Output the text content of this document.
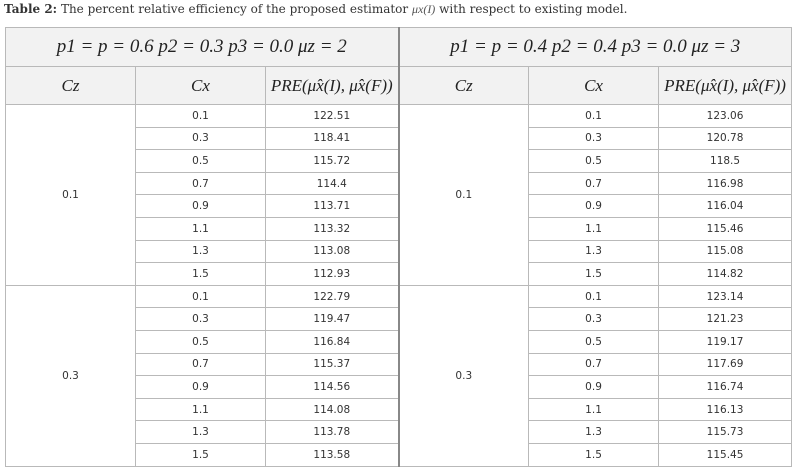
Table 2: The percent relative efficiency of the proposed estimator μx(I) with respect to existing model.
p1 = p = 0.6 p2 = 0.3 p3 = 0.0 μz = 2			p1 = p = 0.4 p2 = 0.4 p3 = 0.0 μz = 3		
Cz	Cx	PRE(μ̂x(I), μ̂x(F))	Cz	Cx	PRE(μ̂x(I), μ̂x(F))
0.1	0.1	122.51	0.1	0.1	123.06
	0.3	118.41		0.3	120.78
	0.5	115.72		0.5	118.5
	0.7	114.4		0.7	116.98
	0.9	113.71		0.9	116.04
	1.1	113.32		1.1	115.46
	1.3	113.08		1.3	115.08
	1.5	112.93		1.5	114.82
0.3	0.1	122.79	0.3	0.1	123.14
	0.3	119.47		0.3	121.23
	0.5	116.84		0.5	119.17
	0.7	115.37		0.7	117.69
	0.9	114.56		0.9	116.74
	1.1	114.08		1.1	116.13
	1.3	113.78		1.3	115.73
	1.5	113.58		1.5	115.45
